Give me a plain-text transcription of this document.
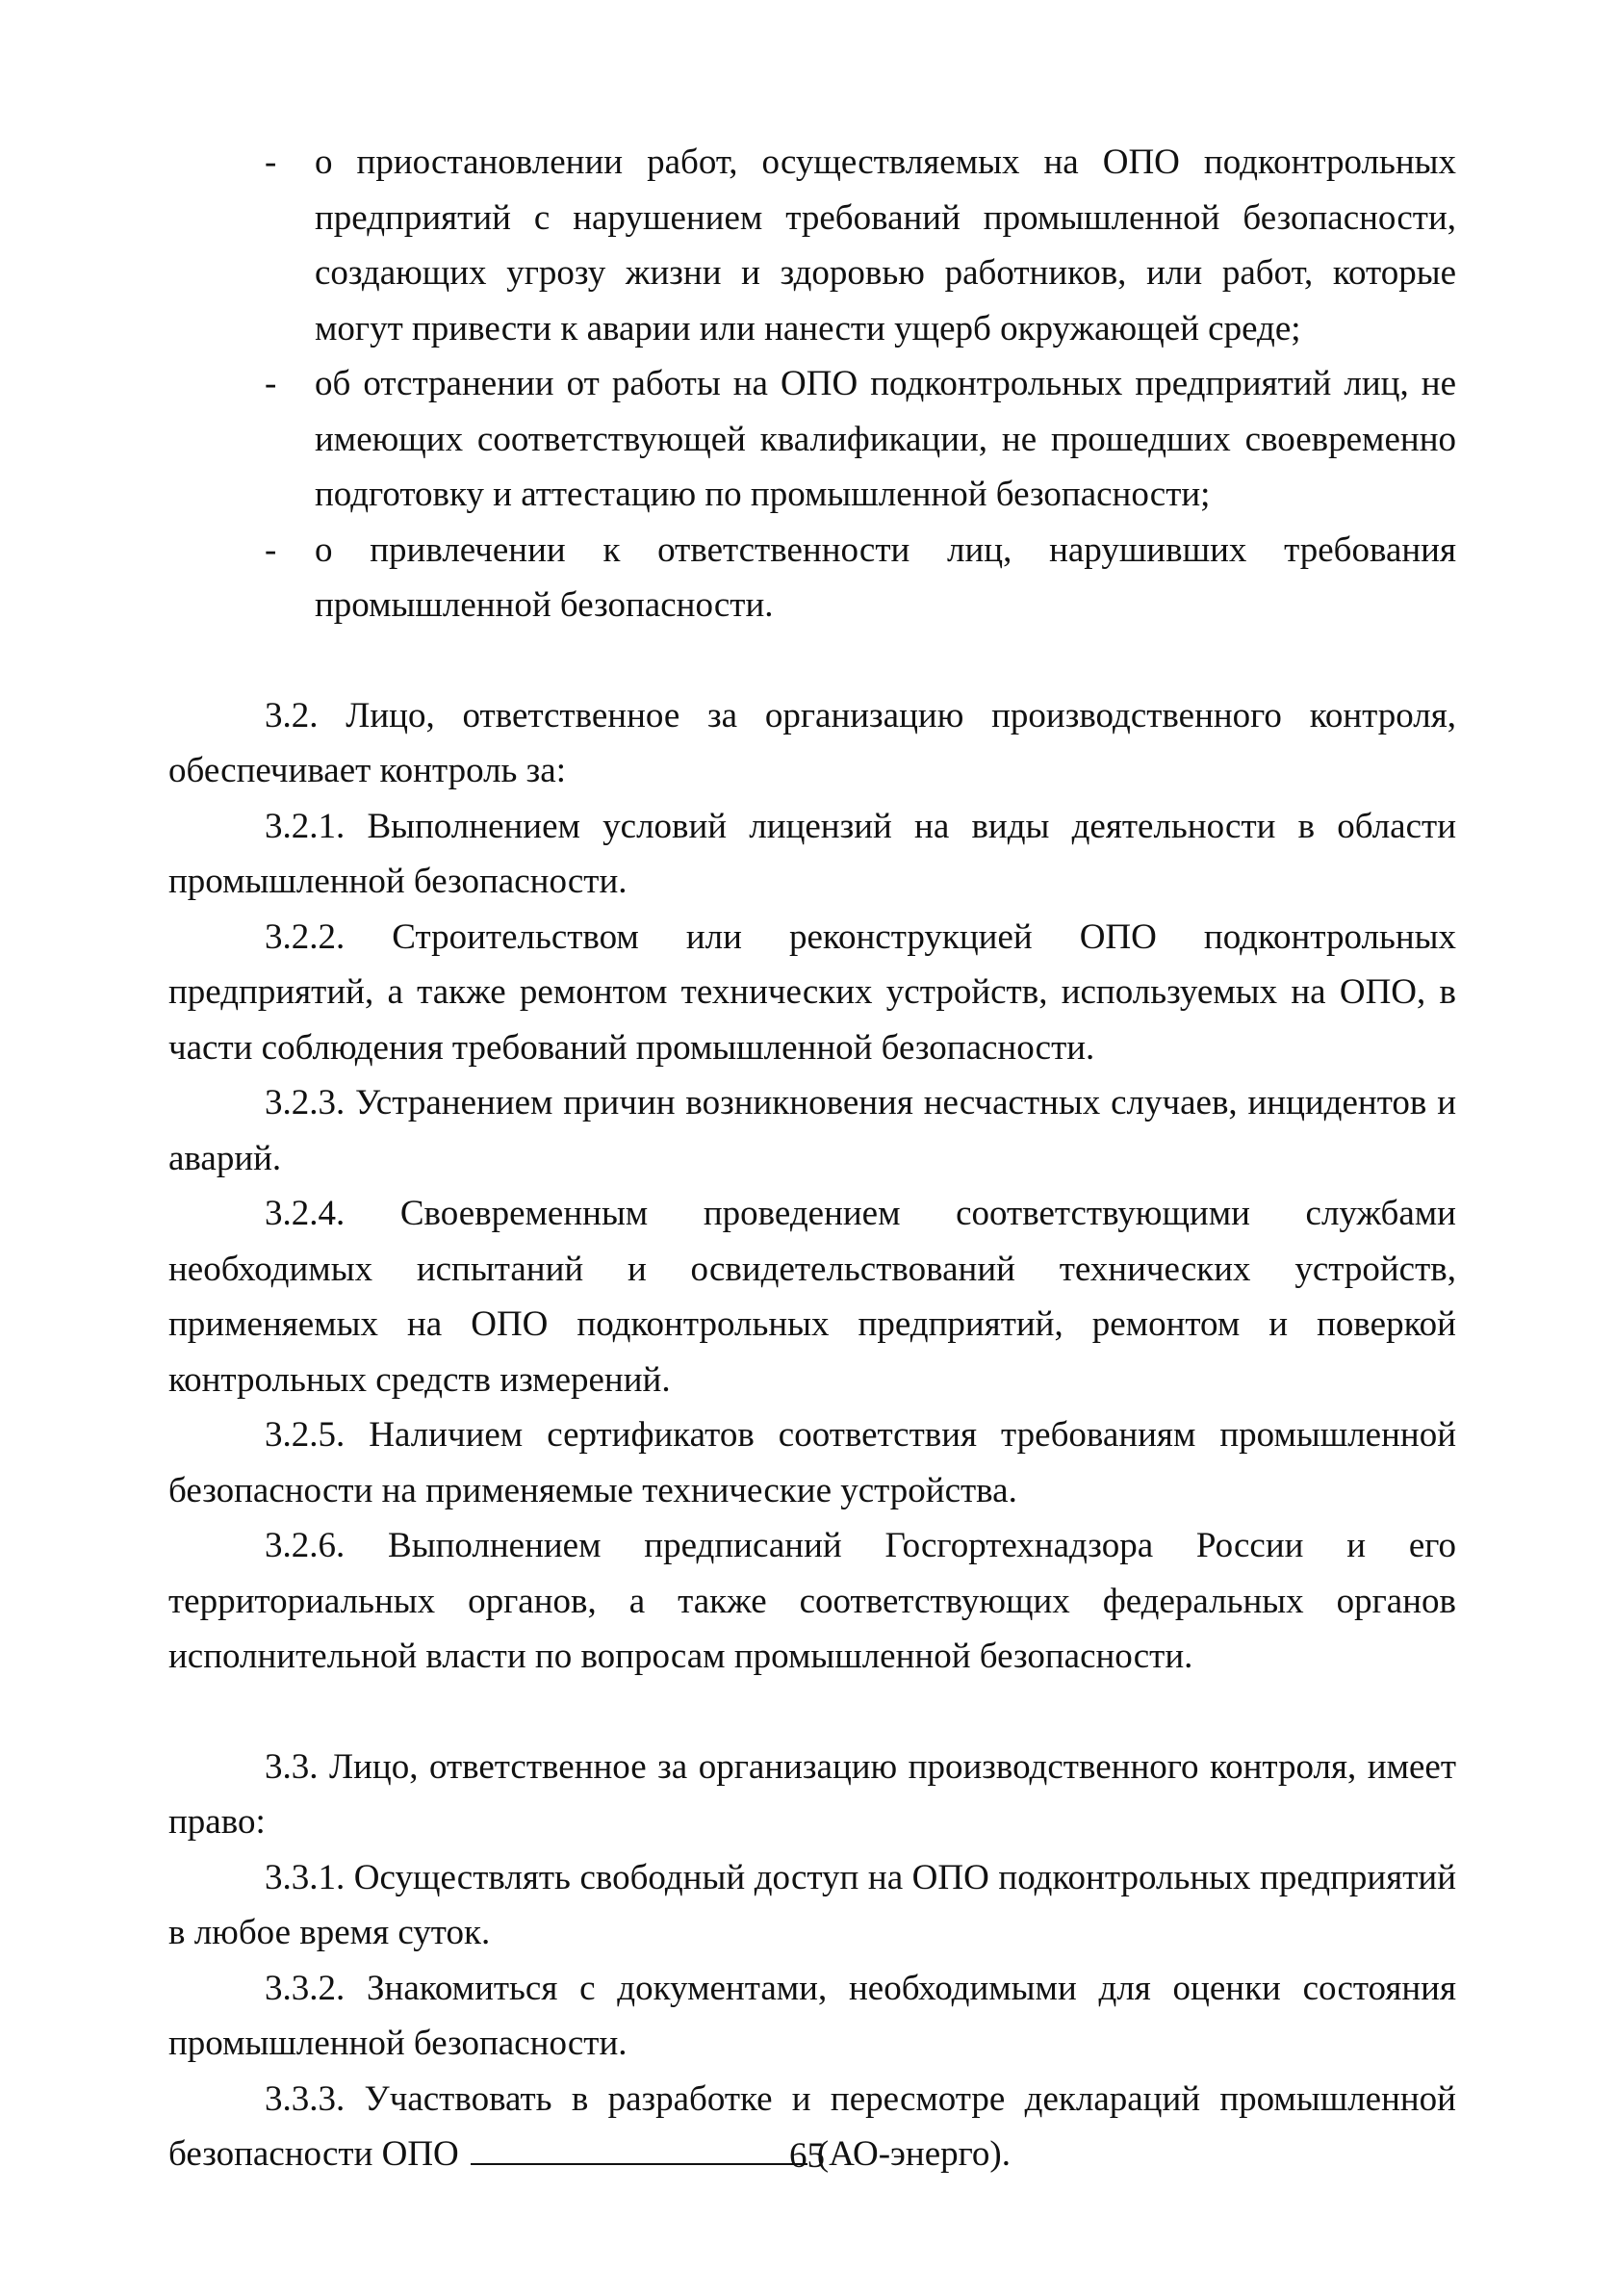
- о приостановлении работ, осуществляемых на ОПО подконтрольных предприятий с нарушением требований промышленной безопасности, создающих угрозу жизни и здоровью работников, или работ, которые могут привести к аварии или нанести ущерб окружающей среде;

- об отстранении от работы на ОПО подконтрольных предприятий лиц, не имеющих соответствующей квалификации, не прошедших своевременно подготовку и аттестацию по промышленной безопасности;

- о привлечении к ответственности лиц, нарушивших требования промышленной безопасности.

3.2. Лицо, ответственное за организацию производственного контроля, обеспечивает контроль за:

3.2.1. Выполнением условий лицензий на виды деятельности в области промышленной безопасности.

3.2.2. Строительством или реконструкцией ОПО подконтрольных предприятий, а также ремонтом технических устройств, используемых на ОПО, в части соблюдения требований промышленной безопасности.

3.2.3. Устранением причин возникновения несчастных случаев, инцидентов и аварий.

3.2.4. Своевременным проведением соответствующими службами необходимых испытаний и освидетельствований технических устройств, применяемых на ОПО подконтрольных предприятий, ремонтом и поверкой контрольных средств измерений.

3.2.5. Наличием сертификатов соответствия требованиям промышленной безопасности на применяемые технические устройства.

3.2.6. Выполнением предписаний Госгортехнадзора России и его территориальных органов, а также соответствующих федеральных органов исполнительной власти по вопросам промышленной безопасности.

3.3. Лицо, ответственное за организацию производственного контроля, имеет право:

3.3.1. Осуществлять свободный доступ на ОПО подконтрольных предприятий в любое время суток.

3.3.2. Знакомиться с документами, необходимыми для оценки состояния промышленной безопасности.

3.3.3. Участвовать в разработке и пересмотре деклараций промышленной безопасности ОПО	(АО-энерго).

65
